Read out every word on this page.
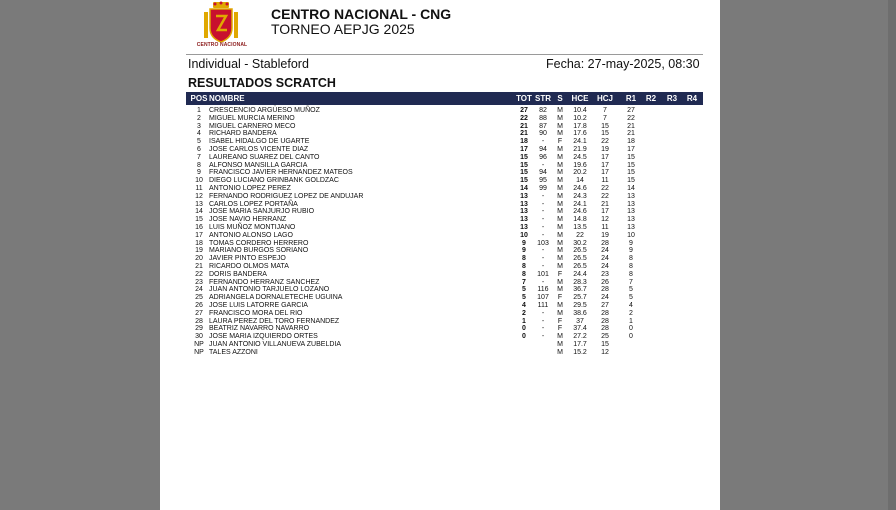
CENTRO NACIONAL
CENTRO NACIONAL - CNG
TORNEO AEPJG 2025
Individual - Stableford	Fecha: 27-may-2025, 08:30
RESULTADOS SCRATCH
POS NOMBRE	TOT STR S	HCE	HCJ R1 R2 R3 R4
1	CRESCENCIO ARGÜESO MUÑOZ	27	82	M	10.4	7	27
2	MIGUEL MURCIA MERINO	22	88	M	10.2	7	22
3	MIGUEL CARNERO MECO	21	87	M	17.8	15	21
4	RICHARD BANDERA	21	90	M	17.6	15	21
5	ISABEL HIDALGO DE UGARTE	18	-	F	24.1	22	18
6	JOSE CARLOS VICENTE DIAZ	17	94	M	21.9	19	17
7	LAUREANO SUAREZ DEL CANTO	15	96	M	24.5	17	15
8	ALFONSO MANSILLA GARCIA	15	-	M	19.6	17	15
9	FRANCISCO JAVIER HERNANDEZ MATEOS	15	94	M	20.2	17	15
10 DIEGO LUCIANO GRINBANK GOLDZAC	15	95	M	14	11	15
11 ANTONIO LOPEZ PEREZ	14	99	M	24.6	22	14
12 FERNANDO RODRIGUEZ LOPEZ DE ANDUJAR	13	-	M	24.3	22	13
13 CARLOS LOPEZ PORTAÑA	13	-	M	24.1	21	13
14 JOSE MARIA SANJURJO RUBIO	13	-	M	24.6	17	13
15 JOSE NAVIO HERRANZ	13	-	M	14.8	12	13
16 LUIS MUÑOZ MONTIJANO	13	-	M	13.5	11	13
17 ANTONIO ALONSO LAGO	10	-	M	22	19	10
18 TOMAS CORDERO HERRERO	9	103	M	30.2	28	9
19 MARIANO BURGOS SORIANO	9	-	M	26.5	24	9
20 JAVIER PINTO ESPEJO	8	-	M	26.5	24	8
21 RICARDO OLMOS MATA	8	-	M	26.5	24	8
22 DORIS BANDERA	8	101	F	24.4	23	8
23 FERNANDO HERRANZ SANCHEZ	7	-	M	28.3	26	7
24 JUAN ANTONIO TARJUELO LOZANO	5	116	M	36.7	28	5
25 ADRIANGELA DORNALETECHE UGUINA	5	107	F	25.7	24	5
26 JOSE LUIS LATORRE GARCIA	4	111	M	29.5	27	4
27 FRANCISCO MORA DEL RIO	2	-	M	38.6	28	2
28 LAURA PEREZ DEL TORO FERNANDEZ	1	-	F	37	28	1
29 BEATRIZ NAVARRO NAVARRO	0	-	F	37.4	28	0
30 JOSE MARIA IZQUIERDO ORTES	0	-	M	27.2	25	0
NP JUAN ANTONIO VILLANUEVA ZUBELDIA	M	17.7	15
NP TALES AZZONI	M	15.2	12
